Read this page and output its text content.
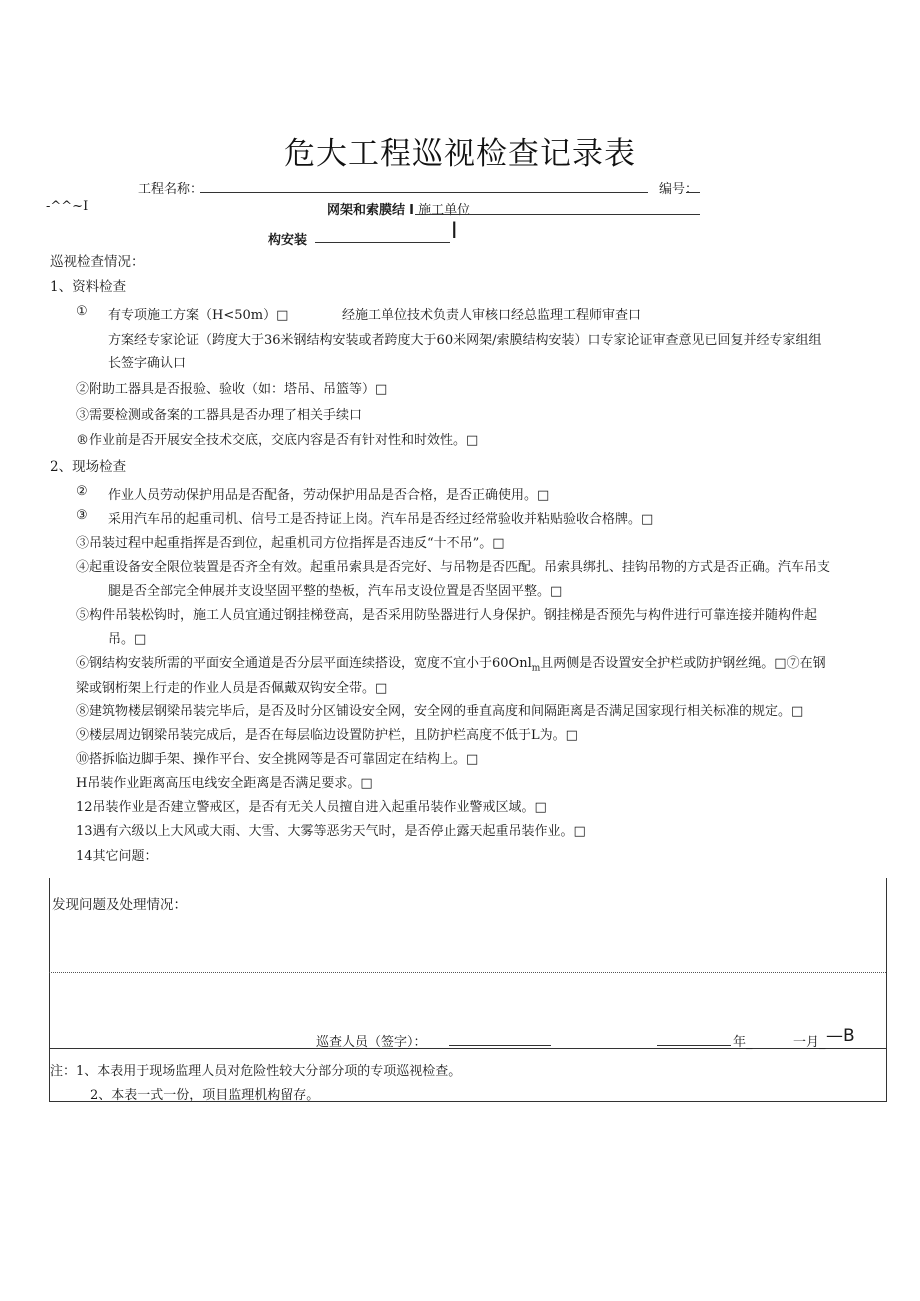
危大工程巡视检查记录表
工程名称：	编号：
-^^~I	网架和索膜结 I 施工单位
构安装	I
巡视检查情况：
1、资料检查
① 有专项施工方案（H<50m）□	经施工单位技术负责人审核口经总监理工程师审查口
方案经专家论证（跨度大于36米钢结构安装或者跨度大于60米网架/索膜结构安装）口专家论证审查意见已回复并经专家组组
长签字确认口
②附助工器具是否报验、验收（如：塔吊、吊篮等）□
③需要检测或备案的工器具是否办理了相关手续口
®作业前是否开展安全技术交底，交底内容是否有针对性和时效性。□
2、现场检查
② 作业人员劳动保护用品是否配备，劳动保护用品是否合格，是否正确使用。□
③ 采用汽车吊的起重司机、信号工是否持证上岗。汽车吊是否经过经常验收并粘贴验收合格牌。□
③吊装过程中起重指挥是否到位，起重机司方位指挥是否违反“十不吊”。□
④起重设备安全限位装置是否齐全有效。起重吊索具是否完好、与吊物是否匹配。吊索具绑扎、挂钩吊物的方式是否正确。汽车吊支
腿是否全部完全伸展并支设坚固平整的垫板，汽车吊支设位置是否坚固平整。□
⑤构件吊装松钩时，施工人员宜通过钢挂梯登高，是否采用防坠器进行人身保护。钢挂梯是否预先与构件进行可靠连接并随构件起
吊。□
⑥钢结构安装所需的平面安全通道是否分层平面连续搭设，宽度不宜小于60Onl$_m$且两侧是否设置安全护栏或防护钢丝绳。□⑦在钢
梁或钢桁架上行走的作业人员是否佩戴双钩安全带。□
⑧建筑物楼层钢梁吊装完毕后，是否及时分区铺设安全网，安全网的垂直高度和间隔距离是否满足国家现行相关标准的规定。□
⑨楼层周边钢梁吊装完成后，是否在每层临边设置防护栏，且防护栏高度不低于L为。□
⑩搭拆临边脚手架、操作平台、安全挑网等是否可靠固定在结构上。□
H吊装作业距离高压电线安全距离是否满足要求。□
12吊装作业是否建立警戒区，是否有无关人员擅自进入起重吊装作业警戒区域。□
13遇有六级以上大风或大雨、大雪、大雾等恶劣天气时，是否停止露天起重吊装作业。□
14其它问题：
发现问题及处理情况：
巡查人员（签字）：	年_	一月_ —B
注：1、本表用于现场监理人员对危险性较大分部分项的专项巡视检查。
2、本表一式一份，项目监理机构留存。
